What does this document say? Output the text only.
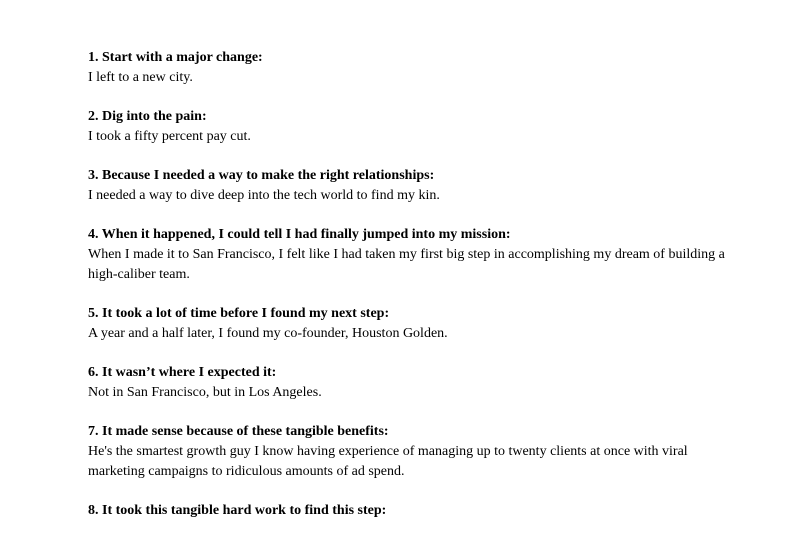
1. Start with a major change:

I left to a new city.

2. Dig into the pain:

I took a fifty percent pay cut.

3. Because I needed a way to make the right relationships:

I needed a way to dive deep into the tech world to find my kin.

4. When it happened, I could tell I had finally jumped into my mission:

When I made it to San Francisco, I felt like I had taken my first big step in accomplishing my dream of building a high-caliber team.

5. It took a lot of time before I found my next step:

A year and a half later, I found my co-founder, Houston Golden.

6. It wasn’t where I expected it:

Not in San Francisco, but in Los Angeles.

7. It made sense because of these tangible benefits:

He's the smartest growth guy I know having experience of managing up to twenty clients at once with viral marketing campaigns to ridiculous amounts of ad spend.

8. It took this tangible hard work to find this step:
